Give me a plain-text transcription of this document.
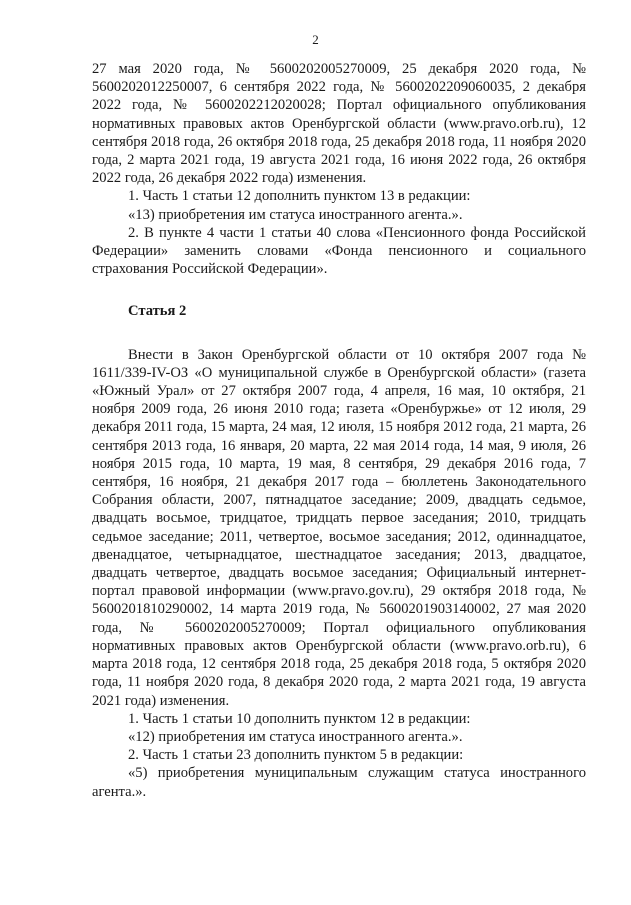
2

27 мая 2020 года, № 5600202005270009, 25 декабря 2020 года, № 5600202012250007, 6 сентября 2022 года, № 5600202209060035, 2 декабря 2022 года, № 5600202212020028; Портал официального опубликования нормативных правовых актов Оренбургской области (www.pravo.orb.ru), 12 сентября 2018 года, 26 октября 2018 года, 25 декабря 2018 года, 11 ноября 2020 года, 2 марта 2021 года, 19 августа 2021 года, 16 июня 2022 года, 26 октября 2022 года, 26 декабря 2022 года) изменения.

1. Часть 1 статьи 12 дополнить пунктом 13 в редакции:

«13) приобретения им статуса иностранного агента.».

2. В пункте 4 части 1 статьи 40 слова «Пенсионного фонда Российской Федерации» заменить словами «Фонда пенсионного и социального страхования Российской Федерации».

Статья 2

Внести в Закон Оренбургской области от 10 октября 2007 года № 1611/339-IV-ОЗ «О муниципальной службе в Оренбургской области» (газета «Южный Урал» от 27 октября 2007 года, 4 апреля, 16 мая, 10 октября, 21 ноября 2009 года, 26 июня 2010 года; газета «Оренбуржье» от 12 июля, 29 декабря 2011 года, 15 марта, 24 мая, 12 июля, 15 ноября 2012 года, 21 марта, 26 сентября 2013 года, 16 января, 20 марта, 22 мая 2014 года, 14 мая, 9 июля, 26 ноября 2015 года, 10 марта, 19 мая, 8 сентября, 29 декабря 2016 года, 7 сентября, 16 ноября, 21 декабря 2017 года – бюллетень Законодательного Собрания области, 2007, пятнадцатое заседание; 2009, двадцать седьмое, двадцать восьмое, тридцатое, тридцать первое заседания; 2010, тридцать седьмое заседание; 2011, четвертое, восьмое заседания; 2012, одиннадцатое, двенадцатое, четырнадцатое, шестнадцатое заседания; 2013, двадцатое, двадцать четвертое, двадцать восьмое заседания; Официальный интернет-портал правовой информации (www.pravo.gov.ru), 29 октября 2018 года, № 5600201810290002, 14 марта 2019 года, № 5600201903140002, 27 мая 2020 года, № 5600202005270009; Портал официального опубликования нормативных правовых актов Оренбургской области (www.pravo.orb.ru), 6 марта 2018 года, 12 сентября 2018 года, 25 декабря 2018 года, 5 октября 2020 года, 11 ноября 2020 года, 8 декабря 2020 года, 2 марта 2021 года, 19 августа 2021 года) изменения.

1. Часть 1 статьи 10 дополнить пунктом 12 в редакции:

«12) приобретения им статуса иностранного агента.».

2. Часть 1 статьи 23 дополнить пунктом 5 в редакции:

«5) приобретения муниципальным служащим статуса иностранного агента.».
